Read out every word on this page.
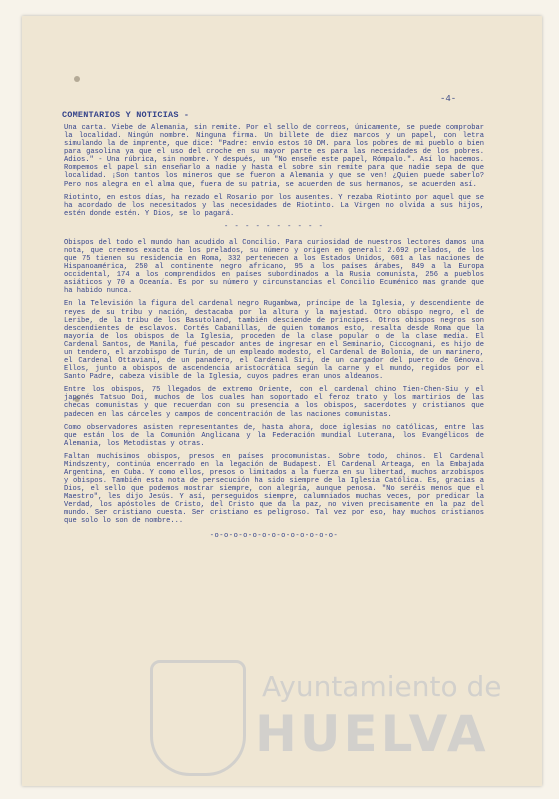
-4-
COMENTARIOS Y NOTICIAS -

Una carta. Viebe de Alemania, sin remite. Por el sello de correos, únicamente, se puede comprobar la localidad. Ningún nombre. Ninguna firma. Un billete de diez marcos y un papel, con letra simulando la de imprente, que dice: "Padre: envío estos 10 DM. para los pobres de mi pueblo o bien para gasolina ya que el uso del croche en su mayor parte es para las necesidades de los pobres. Adios." - Una rúbrica, sin nombre. Y después, un "No enseñe este papel, Rómpalo.". Así lo hacemos. Rompemos el papel sin enseñarlo a nadie y hasta el sobre sin remite para que nadie sepa de que localidad. ¡Son tantos los mineros que se fueron a Alemania y que se ven! ¿Quien puede saberlo? Pero nos alegra en el alma que, fuera de su patria, se acuerden de sus hermanos, se acuerden así.

Riotinto, en estos días, ha rezado el Rosario por los ausentes. Y rezaba Riotinto por aquel que se ha acordado de los necesitados y las necesidades de Riotinto. La Virgen no olvida a sus hijos, estén donde estén. Y Dios, se lo pagará.

- - - - - - - - - -

Obispos del todo el mundo han acudido al Concilio. Para curiosidad de nuestros lectores damos una nota, que creemos exacta de los prelados, su número y origen en general: 2.692 prelados, de los que 75 tienen su residencia en Roma, 332 pertenecen a los Estados Unidos, 601 a las naciones de Hispanoamérica, 250 al continente negro africano, 95 a los países árabes, 849 a la Europa occidental, 174 a los comprendidos en países subordinados a la Rusia comunista, 256 a pueblos asiáticos y 70 a Oceanía. Es por su número y circunstancias el Concilio Ecuménico mas grande que ha habido nunca.

En la Televisión la figura del cardenal negro Rugambwa, príncipe de la Iglesia, y descendiente de reyes de su tribu y nación, destacaba por la altura y la majestad. Otro obispo negro, el de Leribe, de la tribu de los Basutoland, también desciende de príncipes. Otros obispos negros son descendientes de esclavos. Cortés Cabanillas, de quien tomamos esto, resalta desde Roma que la mayoría de los obispos de la Iglesia, proceden de la clase popular o de la clase media. El Cardenal Santos, de Manila, fué pescador antes de ingresar en el Seminario, Ciccognani, es hijo de un tendero, el arzobispo de Turín, de un empleado modesto, el Cardenal de Bolonia, de un marinero, el Cardenal Ottaviani, de un panadero, el Cardenal Siri, de un cargador del puerto de Génova. Ellos, junto a obispos de ascendencia aristocrática según la carne y el mundo, regidos por el Santo Padre, cabeza visible de la Iglesia, cuyos padres eran unos aldeanos.

Entre los obispos, 75 llegados de extremo Oriente, con el cardenal chino Tien-Chen-Siu y el japonés Tatsuo Doi, muchos de los cuales han soportado el feroz trato y los martirios de las checas comunistas y que recuerdan con su presencia a los obispos, sacerdotes y cristianos que padecen en las cárceles y campos de concentración de las naciones comunistas.

Como observadores asisten representantes de, hasta ahora, doce iglesias no católicas, entre las que están los de la Comunión Anglicana y la Federación mundial Luterana, los Evangélicos de Alemania, los Metodistas y otras.

Faltan muchísimos obispos, presos en países procomunistas. Sobre todo, chinos. El Cardenal Mindszenty, continúa encerrado en la legación de Budapest. El Cardenal Arteaga, en la Embajada Argentina, en Cuba. Y como ellos, presos o limitados a la fuerza en su libertad, muchos arzobispos y obispos. También esta nota de persecución ha sido siempre de la Iglesia Católica. Es, gracias a Dios, el sello que podemos mostrar siempre, con alegría, aunque penosa. "No seréis menos que el Maestro", les dijo Jesús. Y así, perseguidos siempre, calumniados muchas veces, por predicar la Verdad, los apóstoles de Cristo, del Cristo que da la paz, no viven precisamente en la paz del mundo. Ser cristiano cuesta. Ser cristiano es peligroso. Tal vez por eso, hay muchos cristianos que solo lo son de nombre...

-o-o-o-o-o-o-o-o-o-o-o-o-o-
Ayuntamiento de
HUELVA
